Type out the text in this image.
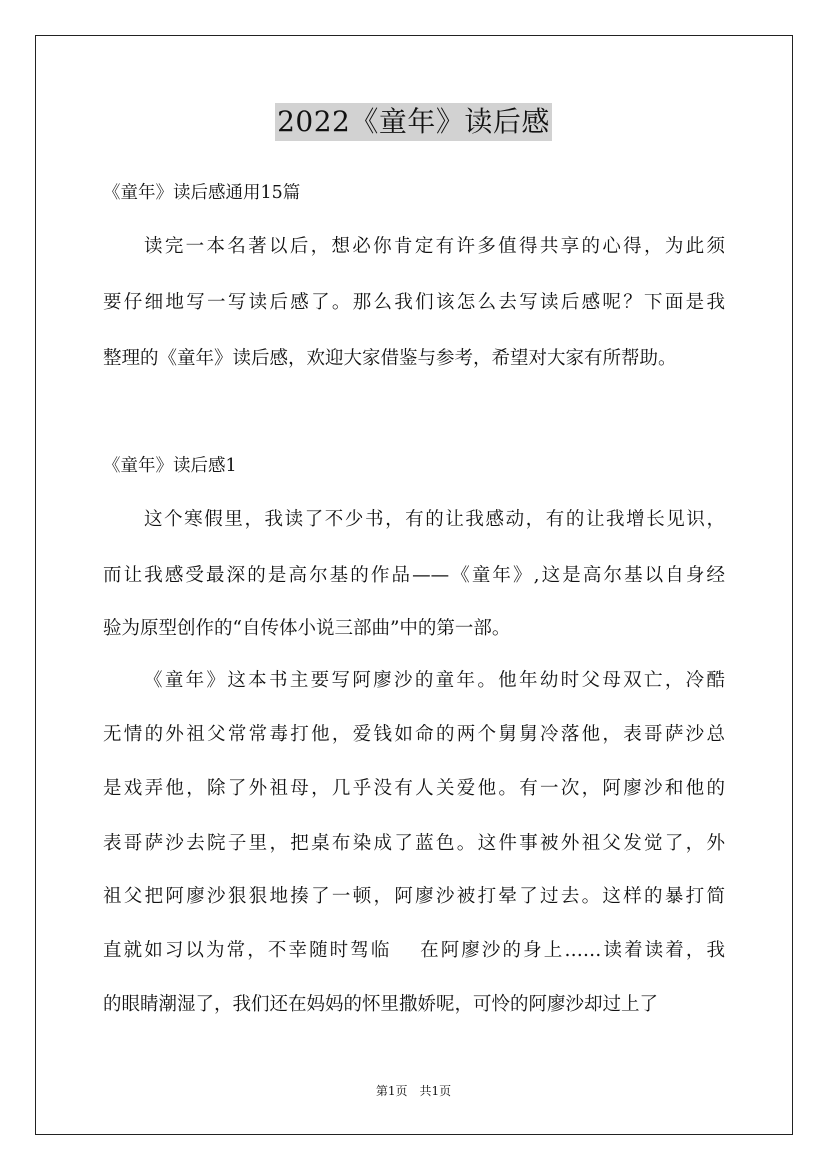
2022《童年》读后感
《童年》读后感通用15篇
读完一本名著以后，想必你肯定有许多值得共享的心得，为此须
要仔细地写一写读后感了。那么我们该怎么去写读后感呢？下面是我
整理的《童年》读后感，欢迎大家借鉴与参考，希望对大家有所帮助。
《童年》读后感1
这个寒假里，我读了不少书，有的让我感动，有的让我增长见识，
而让我感受最深的是高尔基的作品——《童年》,这是高尔基以自身经
验为原型创作的“自传体小说三部曲”中的第一部。
《童年》这本书主要写阿廖沙的童年。他年幼时父母双亡，冷酷
无情的外祖父常常毒打他，爱钱如命的两个舅舅冷落他，表哥萨沙总
是戏弄他，除了外祖母，几乎没有人关爱他。有一次，阿廖沙和他的
表哥萨沙去院子里，把桌布染成了蓝色。这件事被外祖父发觉了，外
祖父把阿廖沙狠狠地揍了一顿，阿廖沙被打晕了过去。这样的暴打简
直就如习以为常，不幸随时驾临　 在阿廖沙的身上……读着读着，我
的眼睛潮湿了，我们还在妈妈的怀里撒娇呢，可怜的阿廖沙却过上了
第1页　共1页
